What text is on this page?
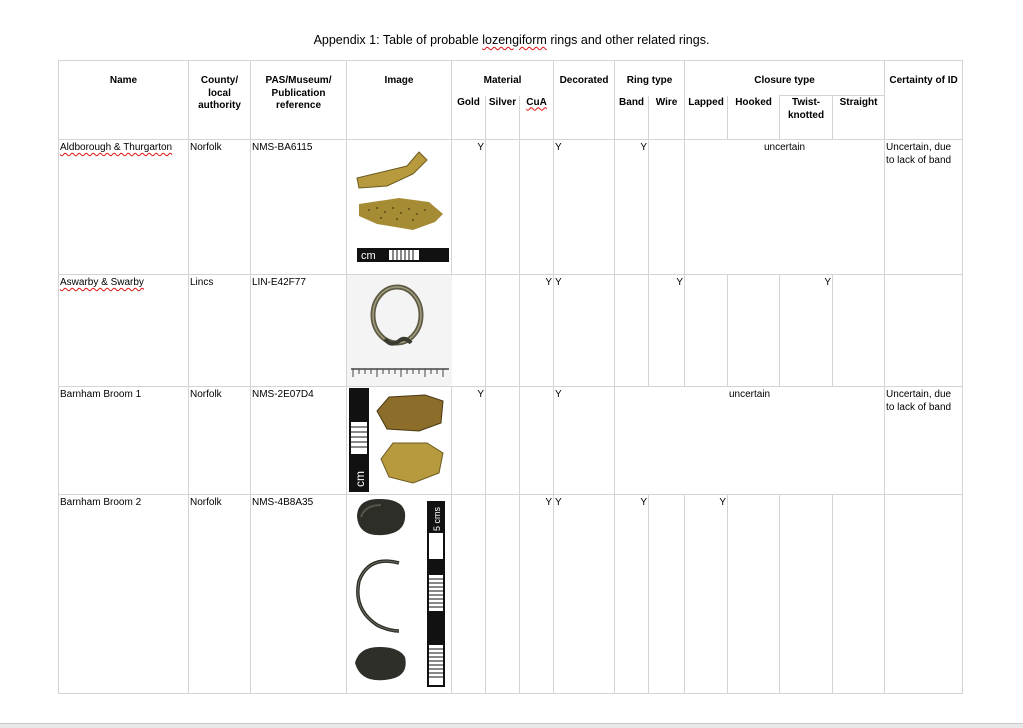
Appendix 1: Table of probable lozengiform rings and other related rings.
Name	County/ local authority	PAS/Museum/ Publication reference	Image	Material			Decorated	Ring type		Closure type				Certainty of ID
				Gold	Silver	CuA		Band	Wire	Lapped	Hooked	Twist-knotted	Straight	
Aldborough & Thurgarton	Norfolk	NMS-BA6115	cm	Y			Y	Y		uncertain				Uncertain, due to lack of band
Aswarby & Swarby	Lincs	LIN-E42F77				Y	Y		Y			Y		
Barnham Broom 1	Norfolk	NMS-2E07D4	cm	Y			Y	uncertain						Uncertain, due to lack of band
Barnham Broom 2	Norfolk	NMS-4B8A35	5 cms			Y	Y	Y		Y				
